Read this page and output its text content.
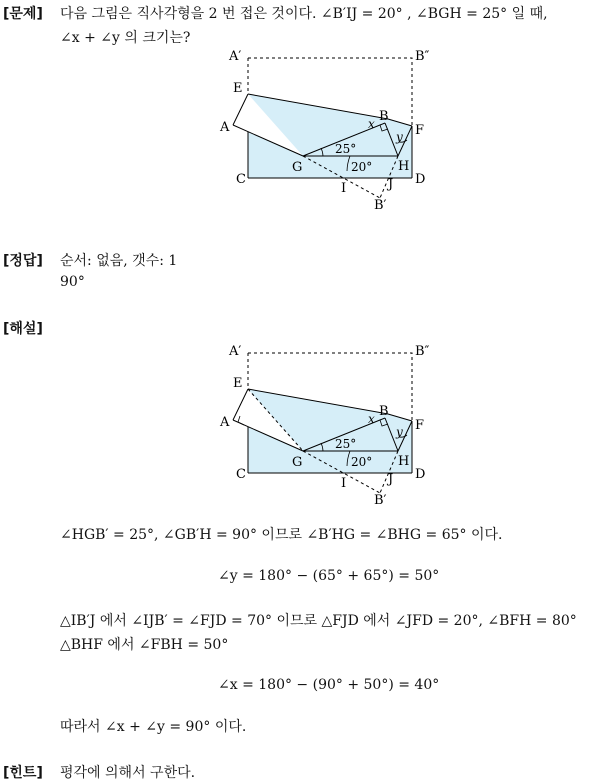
[문제] 다음 그림은 직사각형을 2 번 접은 것이다. ∠B′IJ = 20° , ∠BGH = 25° 일 때,
∠x + ∠y 의 크기는?
A′	B″
E
A
B
F
x
y
25°
20°
G	H
C
I	J D
B′
[정답] 순서: 없음, 갯수: 1
90°
[해설]
A′	B″
E
A
B
F
x
y
25°
20°
G	H
C
I	J D
B′
∠HGB′ = 25°, ∠GB′H = 90° 이므로 ∠B′HG = ∠BHG = 65° 이다.
∠y = 180° − (65° + 65°) = 50°
△IB′J 에서 ∠IJB′ = ∠FJD = 70° 이므로 △FJD 에서 ∠JFD = 20°, ∠BFH = 80°
△BHF 에서 ∠FBH = 50°
∠x = 180° − (90° + 50°) = 40°
따라서 ∠x + ∠y = 90° 이다.
[힌트] 평각에 의해서 구한다.
